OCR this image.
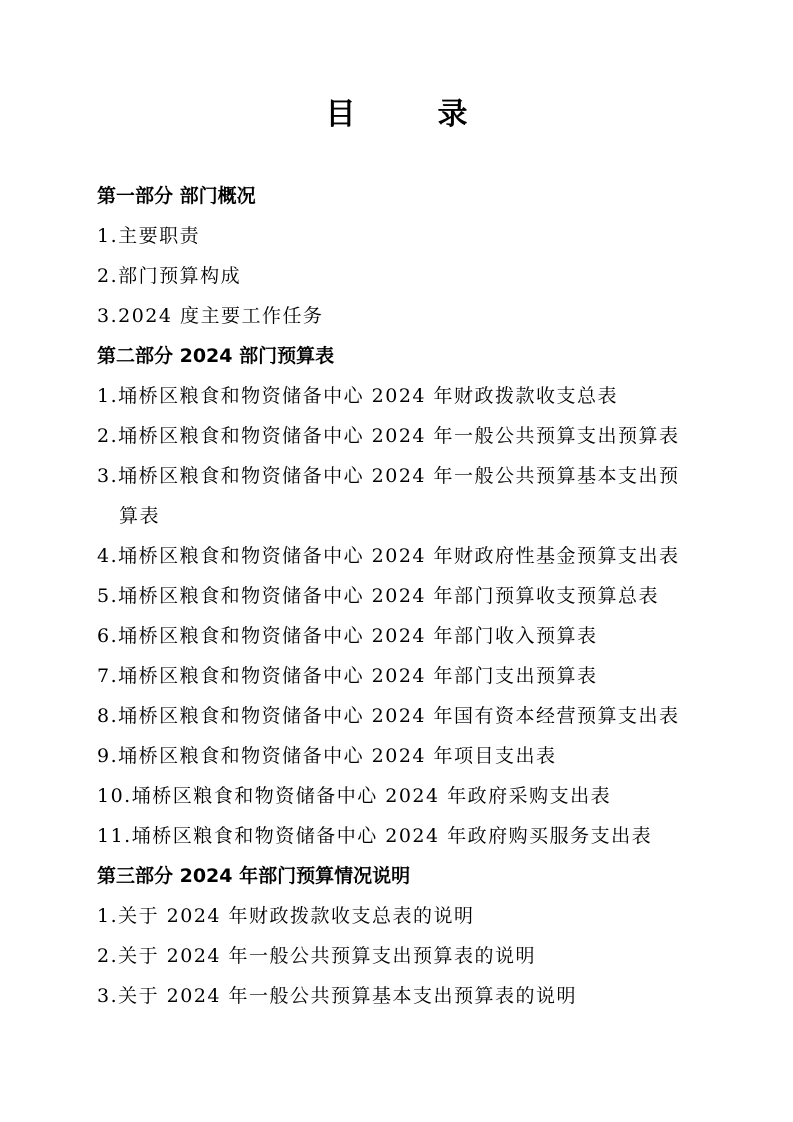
目　录
第一部分 部门概况
1.主要职责
2.部门预算构成
3.2024 度主要工作任务
第二部分 2024 部门预算表
1.埇桥区粮食和物资储备中心 2024 年财政拨款收支总表
2.埇桥区粮食和物资储备中心 2024 年一般公共预算支出预算表
3.埇桥区粮食和物资储备中心 2024 年一般公共预算基本支出预
算表
4.埇桥区粮食和物资储备中心 2024 年财政府性基金预算支出表
5.埇桥区粮食和物资储备中心 2024 年部门预算收支预算总表
6.埇桥区粮食和物资储备中心 2024 年部门收入预算表
7.埇桥区粮食和物资储备中心 2024 年部门支出预算表
8.埇桥区粮食和物资储备中心 2024 年国有资本经营预算支出表
9.埇桥区粮食和物资储备中心 2024 年项目支出表
10.埇桥区粮食和物资储备中心 2024 年政府采购支出表
11.埇桥区粮食和物资储备中心 2024 年政府购买服务支出表
第三部分 2024 年部门预算情况说明
1.关于 2024 年财政拨款收支总表的说明
2.关于 2024 年一般公共预算支出预算表的说明
3.关于 2024 年一般公共预算基本支出预算表的说明
